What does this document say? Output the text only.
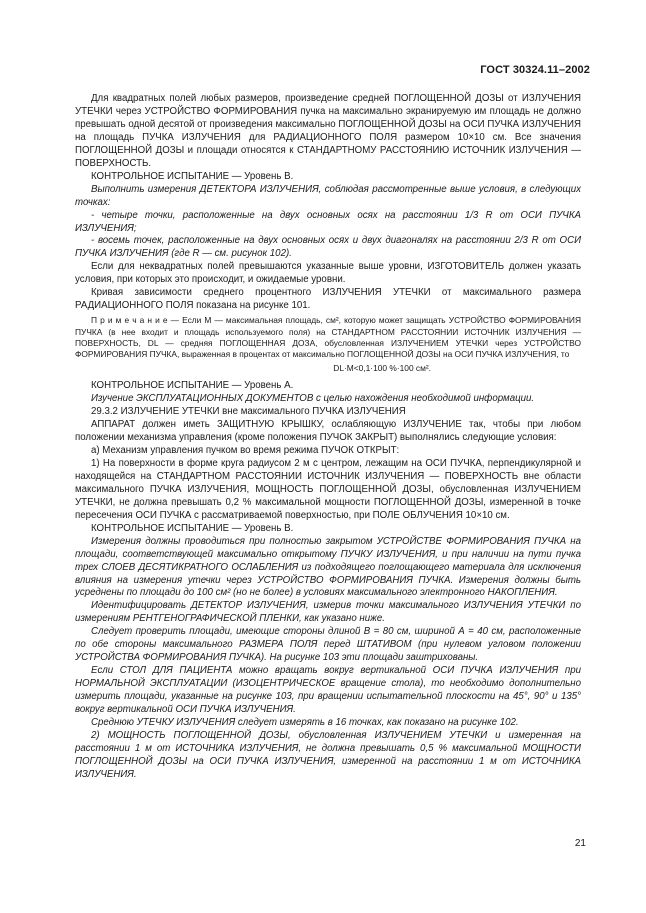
ГОСТ 30324.11–2002

Для квадратных полей любых размеров, произведение средней ПОГЛОЩЕННОЙ ДОЗЫ от ИЗЛУЧЕНИЯ УТЕЧКИ через УСТРОЙСТВО ФОРМИРОВАНИЯ пучка на максимально экранируемую им площадь не должно превышать одной десятой от произведения максимально ПОГЛОЩЕННОЙ ДОЗЫ на ОСИ ПУЧКА ИЗЛУЧЕНИЯ на площадь ПУЧКА ИЗЛУЧЕНИЯ для РАДИАЦИОННОГО ПОЛЯ размером 10×10 см. Все значения ПОГЛОЩЕННОЙ ДОЗЫ и площади относятся к СТАНДАРТНОМУ РАССТОЯНИЮ ИСТОЧНИК ИЗЛУЧЕНИЯ — ПОВЕРХНОСТЬ.

КОНТРОЛЬНОЕ ИСПЫТАНИЕ — Уровень В.

Выполнить измерения ДЕТЕКТОРА ИЗЛУЧЕНИЯ, соблюдая рассмотренные выше условия, в следующих точках:

- четыре точки, расположенные на двух основных осях на расстоянии 1/3 R от ОСИ ПУЧКА ИЗЛУЧЕНИЯ;

- восемь точек, расположенные на двух основных осях и двух диагоналях на расстоянии 2/3 R от ОСИ ПУЧКА ИЗЛУЧЕНИЯ (где R — см. рисунок 102).

Если для неквадратных полей превышаются указанные выше уровни, ИЗГОТОВИТЕЛЬ должен указать условия, при которых это происходит, и ожидаемые уровни.

Кривая зависимости среднего процентного ИЗЛУЧЕНИЯ УТЕЧКИ от максимального размера РАДИАЦИОННОГО ПОЛЯ показана на рисунке 101.

П р и м е ч а н и е — Если M — максимальная площадь, см², которую может защищать УСТРОЙСТВО ФОРМИРОВАНИЯ ПУЧКА (в нее входит и площадь используемого поля) на СТАНДАРТНОМ РАССТОЯНИИ ИСТОЧНИК ИЗЛУЧЕНИЯ — ПОВЕРХНОСТЬ, DL — средняя ПОГЛОЩЕННАЯ ДОЗА, обусловленная ИЗЛУЧЕНИЕМ УТЕЧКИ через УСТРОЙСТВО ФОРМИРОВАНИЯ ПУЧКА, выраженная в процентах от максимально ПОГЛОЩЕННОЙ ДОЗЫ на ОСИ ПУЧКА ИЗЛУЧЕНИЯ, то

DL·M<0,1·100 %·100 см².

КОНТРОЛЬНОЕ ИСПЫТАНИЕ — Уровень А.

Изучение ЭКСПЛУАТАЦИОННЫХ ДОКУМЕНТОВ с целью нахождения необходимой информации.

29.3.2 ИЗЛУЧЕНИЕ УТЕЧКИ вне максимального ПУЧКА ИЗЛУЧЕНИЯ

АППАРАТ должен иметь ЗАЩИТНУЮ КРЫШКУ, ослабляющую ИЗЛУЧЕНИЕ так, чтобы при любом положении механизма управления (кроме положения ПУЧОК ЗАКРЫТ) выполнялись следующие условия:

а) Механизм управления пучком во время режима ПУЧОК ОТКРЫТ:

1) На поверхности в форме круга радиусом 2 м с центром, лежащим на ОСИ ПУЧКА, перпендикулярной и находящейся на СТАНДАРТНОМ РАССТОЯНИИ ИСТОЧНИК ИЗЛУЧЕНИЯ — ПОВЕРХНОСТЬ вне области максимального ПУЧКА ИЗЛУЧЕНИЯ, МОЩНОСТЬ ПОГЛОЩЕННОЙ ДОЗЫ, обусловленная ИЗЛУЧЕНИЕМ УТЕЧКИ, не должна превышать 0,2 % максимальной мощности ПОГЛОЩЕННОЙ ДОЗЫ, измеренной в точке пересечения ОСИ ПУЧКА с рассматриваемой поверхностью, при ПОЛЕ ОБЛУЧЕНИЯ 10×10 см.

КОНТРОЛЬНОЕ ИСПЫТАНИЕ — Уровень В.

Измерения должны проводиться при полностью закрытом УСТРОЙСТВЕ ФОРМИРОВАНИЯ ПУЧКА на площади, соответствующей максимально открытому ПУЧКУ ИЗЛУЧЕНИЯ, и при наличии на пути пучка трех СЛОЕВ ДЕСЯТИКРАТНОГО ОСЛАБЛЕНИЯ из подходящего поглощающего материала для исключения влияния на измерения утечки через УСТРОЙСТВО ФОРМИРОВАНИЯ ПУЧКА. Измерения должны быть усреднены по площади до 100 см² (но не более) в условиях максимального электронного НАКОПЛЕНИЯ.

Идентифицировать ДЕТЕКТОР ИЗЛУЧЕНИЯ, измерив точки максимального ИЗЛУЧЕНИЯ УТЕЧКИ по измерениям РЕНТГЕНОГРАФИЧЕСКОЙ ПЛЕНКИ, как указано ниже.

Следует проверить площади, имеющие стороны длиной В = 80 см, шириной А = 40 см, расположенные по обе стороны максимального РАЗМЕРА ПОЛЯ перед ШТАТИВОМ (при нулевом угловом положении УСТРОЙСТВА ФОРМИРОВАНИЯ ПУЧКА). На рисунке 103 эти площади заштрихованы.

Если СТОЛ ДЛЯ ПАЦИЕНТА можно вращать вокруг вертикальной ОСИ ПУЧКА ИЗЛУЧЕНИЯ при НОРМАЛЬНОЙ ЭКСПЛУАТАЦИИ (ИЗОЦЕНТРИЧЕСКОЕ вращение стола), то необходимо дополнительно измерить площади, указанные на рисунке 103, при вращении испытательной плоскости на 45°, 90° и 135° вокруг вертикальной ОСИ ПУЧКА ИЗЛУЧЕНИЯ.

Среднюю УТЕЧКУ ИЗЛУЧЕНИЯ следует измерять в 16 точках, как показано на рисунке 102.

2) МОЩНОСТЬ ПОГЛОЩЕННОЙ ДОЗЫ, обусловленная ИЗЛУЧЕНИЕМ УТЕЧКИ и измеренная на расстоянии 1 м от ИСТОЧНИКА ИЗЛУЧЕНИЯ, не должна превышать 0,5 % максимальной МОЩНОСТИ ПОГЛОЩЕННОЙ ДОЗЫ на ОСИ ПУЧКА ИЗЛУЧЕНИЯ, измеренной на расстоянии 1 м от ИСТОЧНИКА ИЗЛУЧЕНИЯ.

21
